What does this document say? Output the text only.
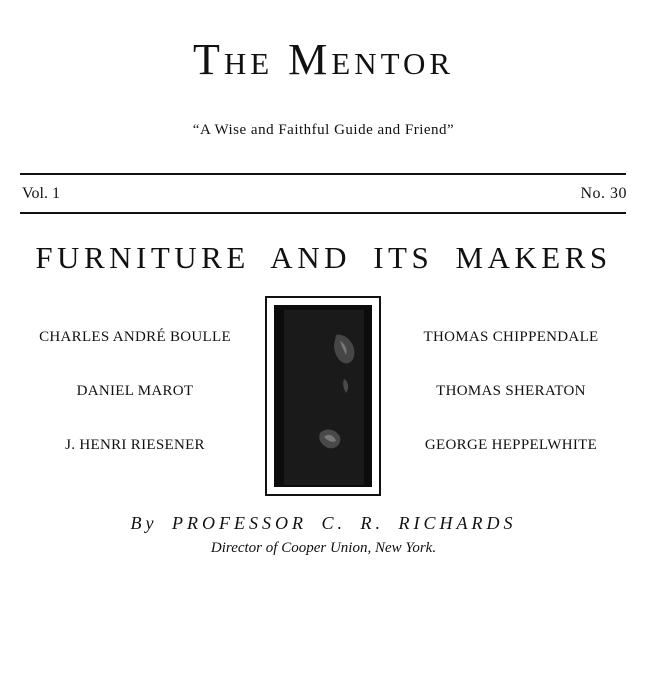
The Mentor
“A Wise and Faithful Guide and Friend”
Vol. 1	No. 30
FURNITURE AND ITS MAKERS
CHARLES ANDRÉ BOULLE
DANIEL MAROT
J. HENRI RIESENER
THOMAS CHIPPENDALE
THOMAS SHERATON
GEORGE HEPPELWHITE
By PROFESSOR C. R. RICHARDS
Director of Cooper Union, New York.
